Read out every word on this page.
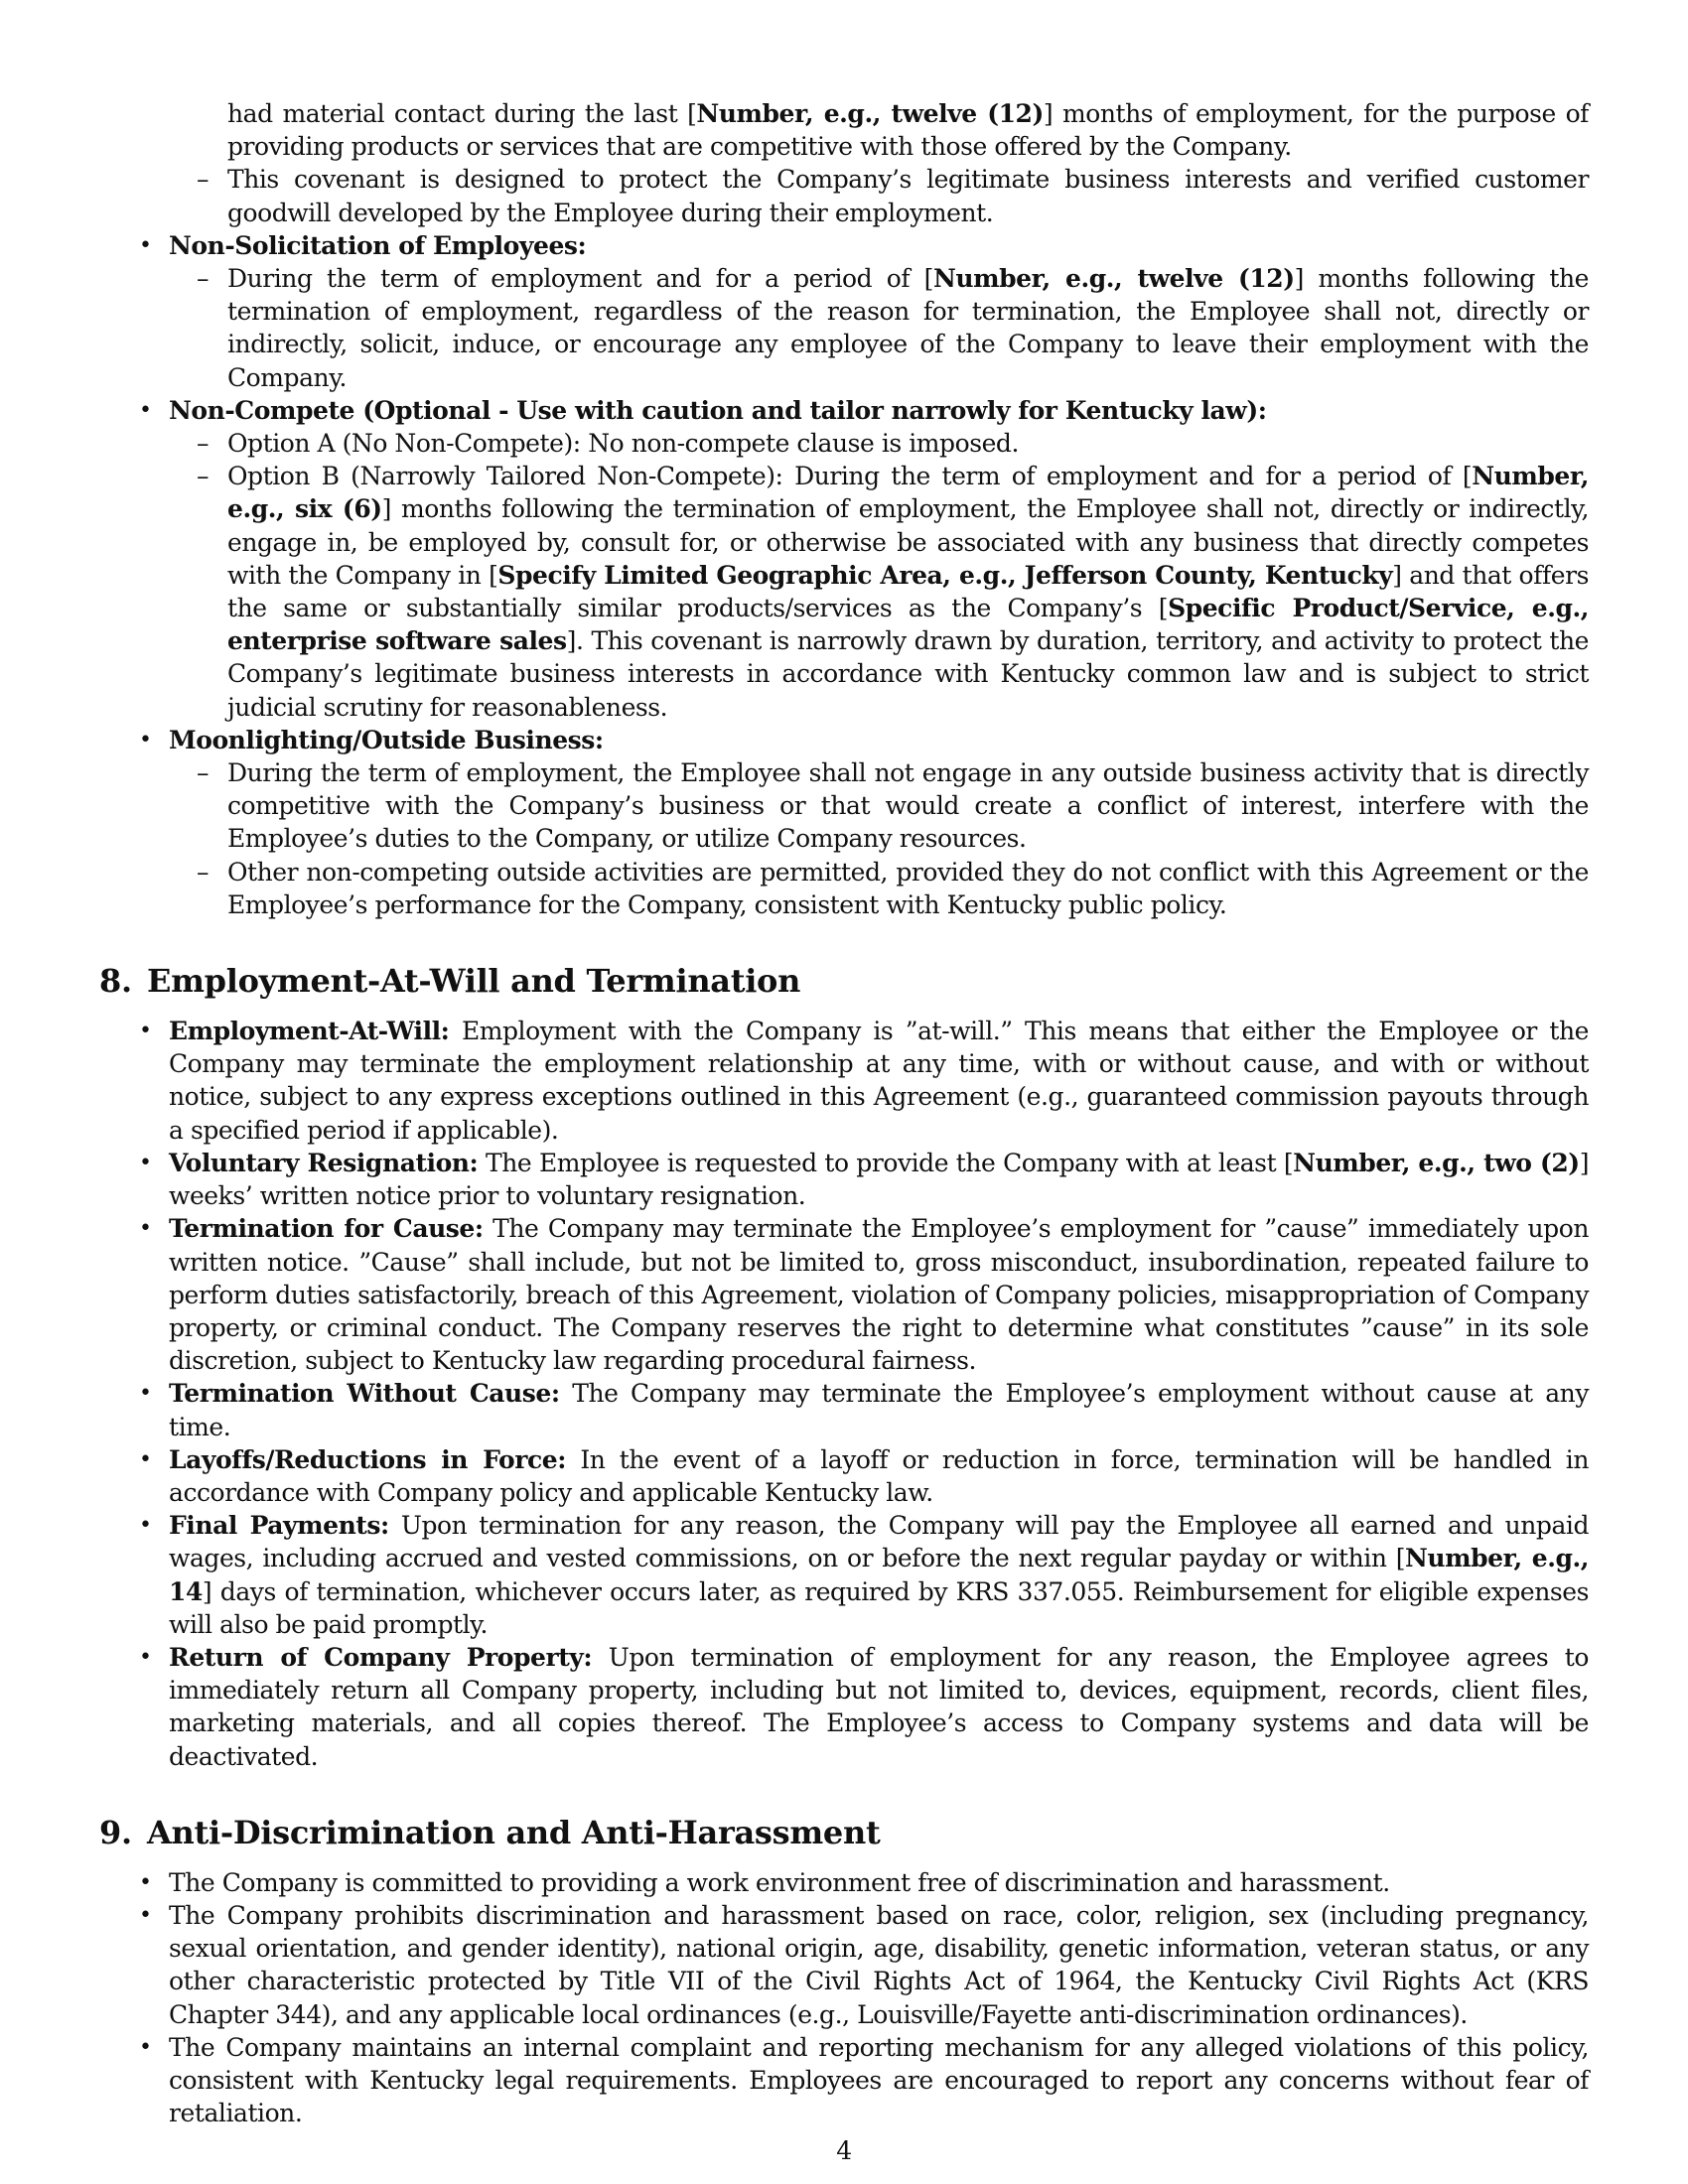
had material contact during the last [Number, e.g., twelve (12)] months of employment, for the purpose of providing products or services that are competitive with those offered by the Company.
– This covenant is designed to protect the Company’s legitimate business interests and verified customer goodwill developed by the Employee during their employment.
• Non-Solicitation of Employees:
– During the term of employment and for a period of [Number, e.g., twelve (12)] months following the termination of employment, regardless of the reason for termination, the Employee shall not, directly or indirectly, solicit, induce, or encourage any employee of the Company to leave their employment with the Company.
• Non-Compete (Optional - Use with caution and tailor narrowly for Kentucky law):
– Option A (No Non-Compete): No non-compete clause is imposed.
– Option B (Narrowly Tailored Non-Compete): During the term of employment and for a period of [Number, e.g., six (6)] months following the termination of employment, the Employee shall not, directly or indirectly, engage in, be employed by, consult for, or otherwise be associated with any business that directly competes with the Company in [Specify Limited Geographic Area, e.g., Jefferson County, Kentucky] and that offers the same or substantially similar products/services as the Company’s [Specific Product/Service, e.g., enterprise software sales]. This covenant is narrowly drawn by duration, territory, and activity to protect the Company’s legitimate business interests in accordance with Kentucky common law and is subject to strict judicial scrutiny for reasonableness.
• Moonlighting/Outside Business:
– During the term of employment, the Employee shall not engage in any outside business activity that is directly competitive with the Company’s business or that would create a conflict of interest, interfere with the Employee’s duties to the Company, or utilize Company resources.
– Other non-competing outside activities are permitted, provided they do not conflict with this Agreement or the Employee’s performance for the Company, consistent with Kentucky public policy.
8. Employment-At-Will and Termination
• Employment-At-Will: Employment with the Company is ”at-will.” This means that either the Employee or the Company may terminate the employment relationship at any time, with or without cause, and with or without notice, subject to any express exceptions outlined in this Agreement (e.g., guaranteed commission payouts through a specified period if applicable).
• Voluntary Resignation: The Employee is requested to provide the Company with at least [Number, e.g., two (2)] weeks’ written notice prior to voluntary resignation.
• Termination for Cause: The Company may terminate the Employee’s employment for ”cause” immediately upon written notice. ”Cause” shall include, but not be limited to, gross misconduct, insubordination, repeated failure to perform duties satisfactorily, breach of this Agreement, violation of Company policies, misappropriation of Company property, or criminal conduct. The Company reserves the right to determine what constitutes ”cause” in its sole discretion, subject to Kentucky law regarding procedural fairness.
• Termination Without Cause: The Company may terminate the Employee’s employment without cause at any time.
• Layoffs/Reductions in Force: In the event of a layoff or reduction in force, termination will be handled in accordance with Company policy and applicable Kentucky law.
• Final Payments: Upon termination for any reason, the Company will pay the Employee all earned and unpaid wages, including accrued and vested commissions, on or before the next regular payday or within [Number, e.g., 14] days of termination, whichever occurs later, as required by KRS 337.055. Reimbursement for eligible expenses will also be paid promptly.
• Return of Company Property: Upon termination of employment for any reason, the Employee agrees to immediately return all Company property, including but not limited to, devices, equipment, records, client files, marketing materials, and all copies thereof. The Employee’s access to Company systems and data will be deactivated.
9. Anti-Discrimination and Anti-Harassment
• The Company is committed to providing a work environment free of discrimination and harassment.
• The Company prohibits discrimination and harassment based on race, color, religion, sex (including pregnancy, sexual orientation, and gender identity), national origin, age, disability, genetic information, veteran status, or any other characteristic protected by Title VII of the Civil Rights Act of 1964, the Kentucky Civil Rights Act (KRS Chapter 344), and any applicable local ordinances (e.g., Louisville/Fayette anti-discrimination ordinances).
• The Company maintains an internal complaint and reporting mechanism for any alleged violations of this policy, consistent with Kentucky legal requirements. Employees are encouraged to report any concerns without fear of retaliation.
4
